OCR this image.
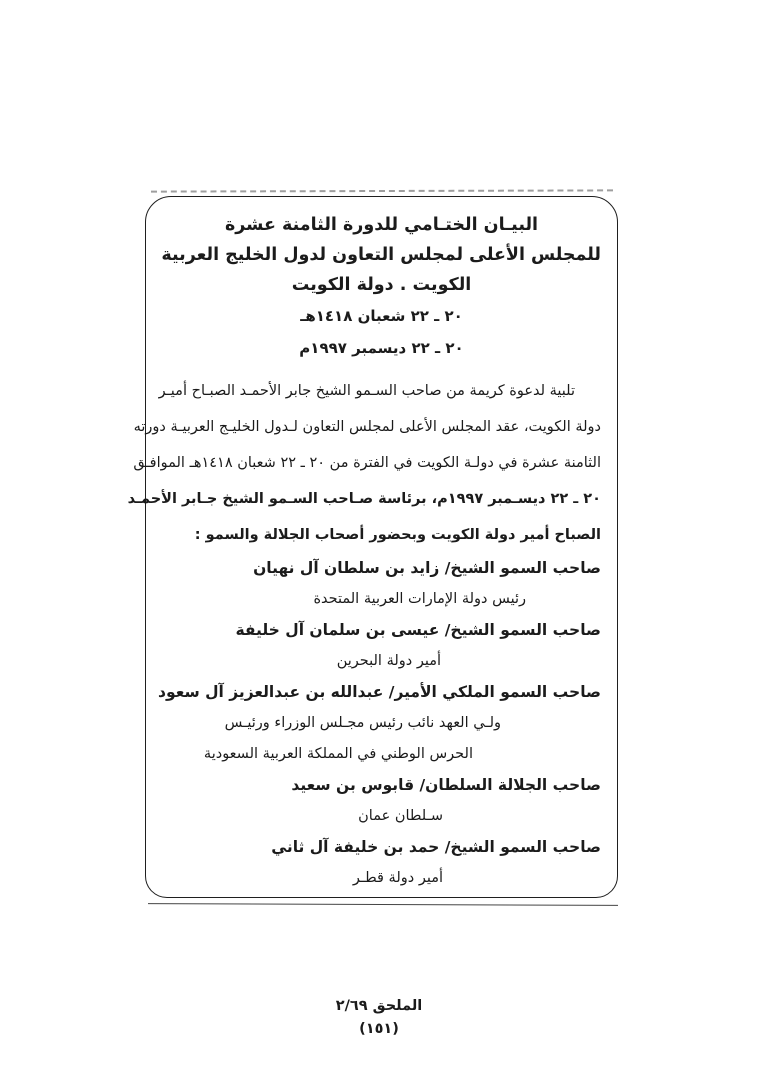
البيـان الختـامي للدورة الثامنة عشرة
للمجلس الأعلى لمجلس التعاون لدول الخليج العربية
الكويت . دولة الكويت
٢٠ ـ ٢٢ شعبان ١٤١٨هـ
٢٠ ـ ٢٢ ديسمبر ١٩٩٧م
تلبية لدعوة كريمة من صاحب السـمو الشيخ جابر الأحمـد الصبـاح أميـر
دولة الكويت، عقد المجلس الأعلى لمجلس التعاون لـدول الخليـج العربيـة دورته
الثامنة عشرة في دولـة الكويت في الفترة من ٢٠ ـ ٢٢ شعبان ١٤١٨هـ الموافـق
٢٠ ـ ٢٢ ديسـمبر ١٩٩٧م، برئاسة صـاحب السـمو الشيخ جـابر الأحمـد
الصباح أمير دولة الكويت وبحضور أصحاب الجلالة والسمو :
صاحب السمو الشيخ/ زايد بن سلطان آل نهيان
رئيس دولة الإمارات العربية المتحدة
صاحب السمو الشيخ/ عيسى بن سلمان آل خليفة
أمير دولة البحرين
صاحب السمو الملكي الأمير/ عبدالله بن عبدالعزيز آل سعود
ولـي العهد نائب رئيس مجـلس الوزراء ورئيـس
الحرس الوطني في المملكة العربية السعودية
صاحب الجلالة السلطان/ قابوس بن سعيد
سـلطان عمان
صاحب السمو الشيخ/ حمد بن خليفة آل ثاني
أمير دولة قطـر
الملحق ٢/٦٩
(١٥١)
